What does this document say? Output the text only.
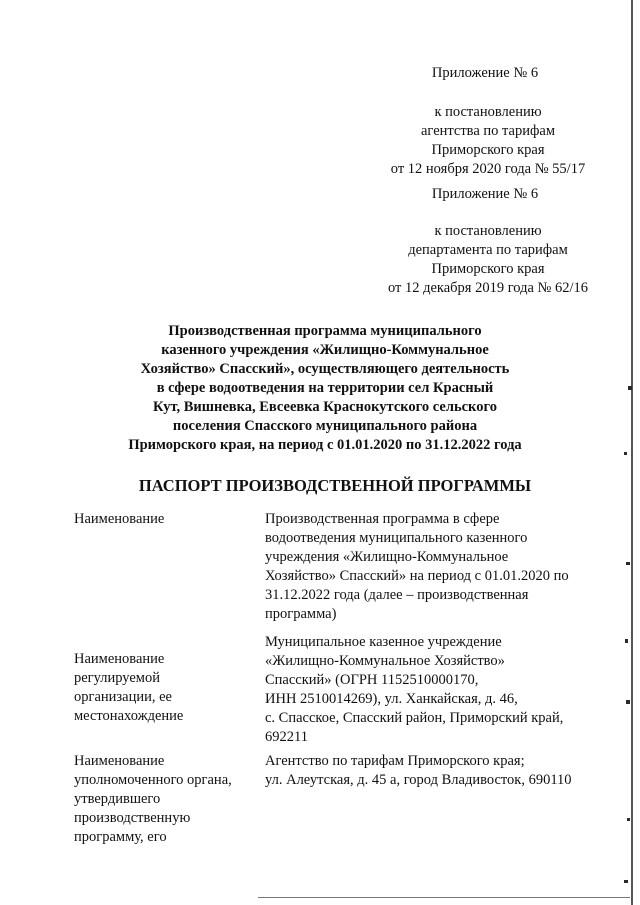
Приложение № 6
к постановлению
агентства по тарифам
Приморского края
от 12 ноября 2020 года № 55/17
Приложение № 6
к постановлению
департамента по тарифам
Приморского края
от 12 декабря 2019 года № 62/16
Производственная программа муниципального
казенного учреждения «Жилищно-Коммунальное
Хозяйство» Спасский», осуществляющего деятельность
в сфере водоотведения на территории сел Красный
Кут, Вишневка, Евсеевка Краснокутского сельского
поселения Спасского муниципального района
Приморского края, на период с 01.01.2020 по 31.12.2022 года
ПАСПОРТ ПРОИЗВОДСТВЕННОЙ ПРОГРАММЫ
Наименование	Производственная программа в сфере
водоотведения муниципального казенного
учреждения «Жилищно-Коммунальное
Хозяйство» Спасский» на период с 01.01.2020 по
31.12.2022 года (далее – производственная
программа)
Наименование
регулируемой
организации, ее
местонахождение
Муниципальное казенное учреждение
«Жилищно-Коммунальное Хозяйство»
Спасский» (ОГРН 1152510000170,
ИНН 2510014269), ул. Ханкайская, д. 46,
с. Спасское, Спасский район, Приморский край,
692211
Наименование
уполномоченного органа,
утвердившего
производственную
программу, его
Агентство по тарифам Приморского края;
ул. Алеутская, д. 45 а, город Владивосток, 690110
